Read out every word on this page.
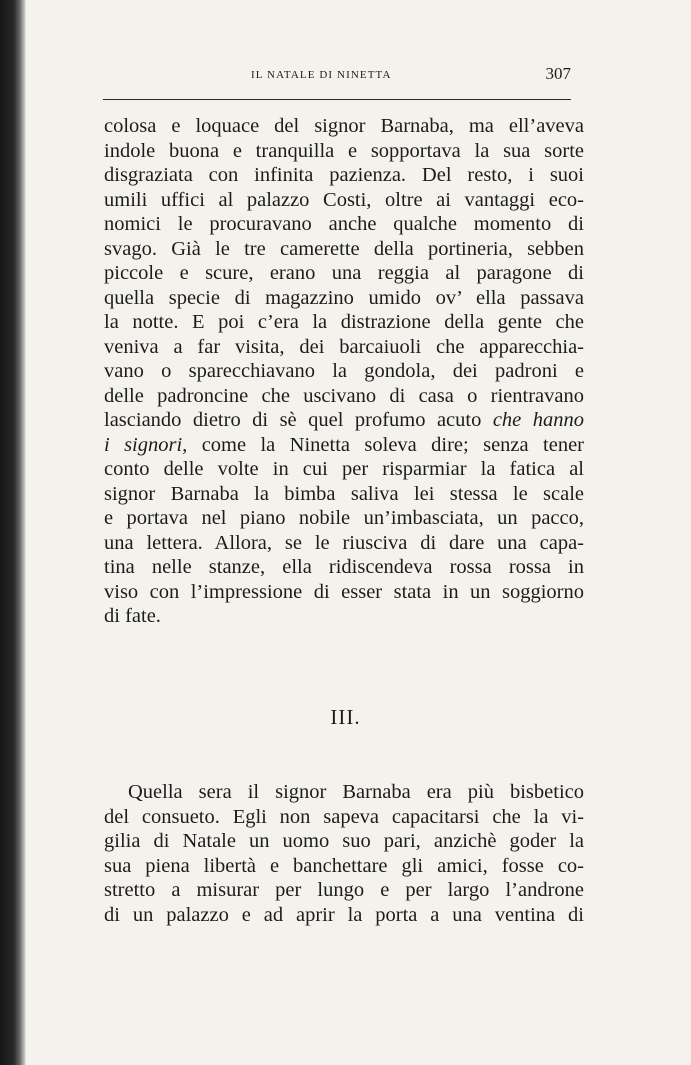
IL NATALE DI NINETTA	307
colosa e loquace del signor Barnaba, ma ell’aveva
indole buona e tranquilla e sopportava la sua sorte
disgraziata con infinita pazienza. Del resto, i suoi
umili uffici al palazzo Costi, oltre ai vantaggi eco-
nomici le procuravano anche qualche momento di
svago. Già le tre camerette della portineria, sebben
piccole e scure, erano una reggia al paragone di
quella specie di magazzino umido ov’ ella passava
la notte. E poi c’era la distrazione della gente che
veniva a far visita, dei barcaiuoli che apparecchia-
vano o sparecchiavano la gondola, dei padroni e
delle padroncine che uscivano di casa o rientravano
lasciando dietro di sè quel profumo acuto che hanno
i signori, come la Ninetta soleva dire; senza tener
conto delle volte in cui per risparmiar la fatica al
signor Barnaba la bimba saliva lei stessa le scale
e portava nel piano nobile un’imbasciata, un pacco,
una lettera. Allora, se le riusciva di dare una capa-
tina nelle stanze, ella ridiscendeva rossa rossa in
viso con l’impressione di esser stata in un soggiorno
di fate.
III.
Quella sera il signor Barnaba era più bisbetico
del consueto. Egli non sapeva capacitarsi che la vi-
gilia di Natale un uomo suo pari, anzichè goder la
sua piena libertà e banchettare gli amici, fosse co-
stretto a misurar per lungo e per largo l’androne
di un palazzo e ad aprir la porta a una ventina di
